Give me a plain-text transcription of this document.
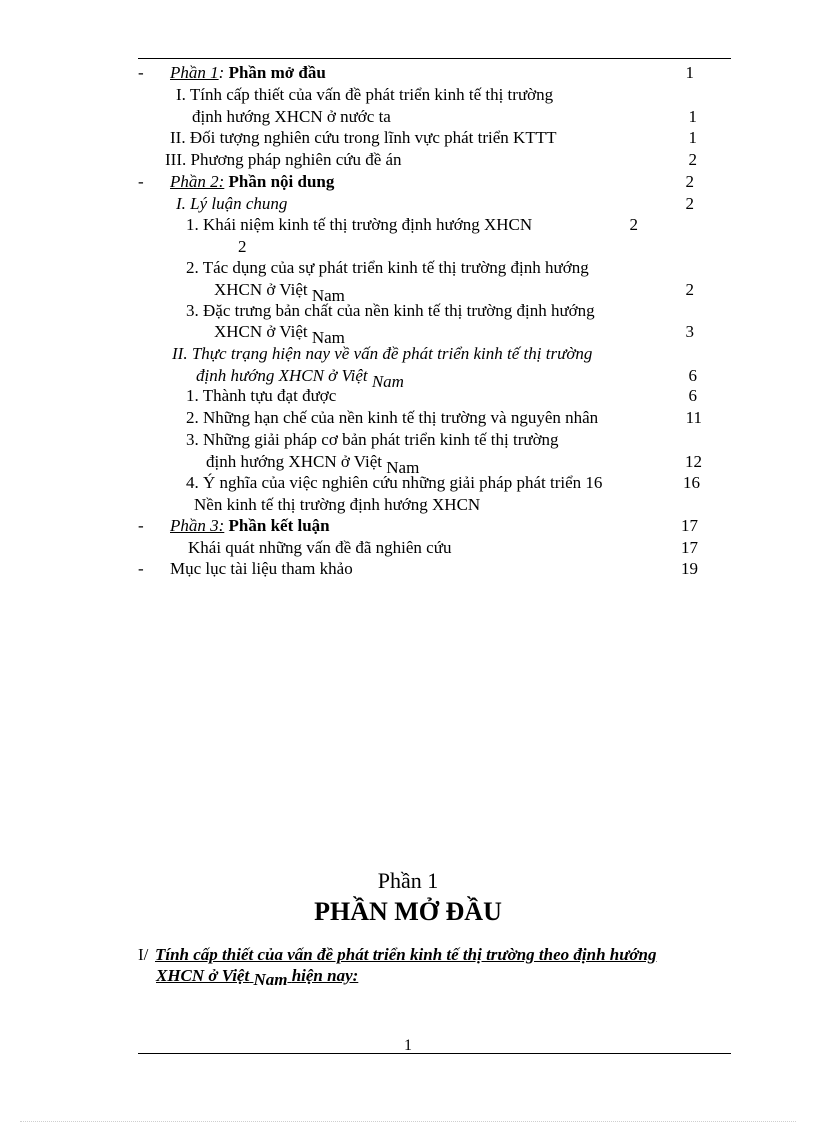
- Phần 1: Phần mở đầu	1
I. Tính cấp thiết của vấn đề phát triển kinh tế thị trường
định hướng XHCN ở nước ta	1
II. Đối tượng nghiên cứu trong lĩnh vực phát triển KTTT	1
III. Phương pháp nghiên cứu đề án	2
- Phần 2: Phần nội dung	2
I. Lý luận chung	2
1. Khái niệm kinh tế thị trường định hướng XHCN	2
2
2. Tác dụng của sự phát triển kinh tế thị trường định hướng
XHCN ở Việt Nam	2
3. Đặc trưng bản chất của nền kinh tế thị trường định hướng
XHCN ở Việt Nam	3
II. Thực trạng hiện nay về vấn đề phát triển kinh tế thị trường
định hướng XHCN ở Việt Nam	6
1. Thành tựu đạt được	6
2. Những hạn chế của nền kinh tế thị trường và nguyên nhân	11
3. Những giải pháp cơ bản phát triển kinh tế thị trường
định hướng XHCN ở Việt Nam	12
4. Ý nghĩa của việc nghiên cứu những giải pháp phát triển 16	16
Nền kinh tế thị trường định hướng XHCN
- Phần 3: Phần kết luận	17
Khái quát những vấn đề đã nghiên cứu	17
- Mục lục tài liệu tham khảo	19
Phần 1
PHẦN MỞ ĐẦU
I/ Tính cấp thiết của vấn đề phát triển kinh tế thị trường theo định hướng
XHCN ở Việt Nam hiện nay:
1
